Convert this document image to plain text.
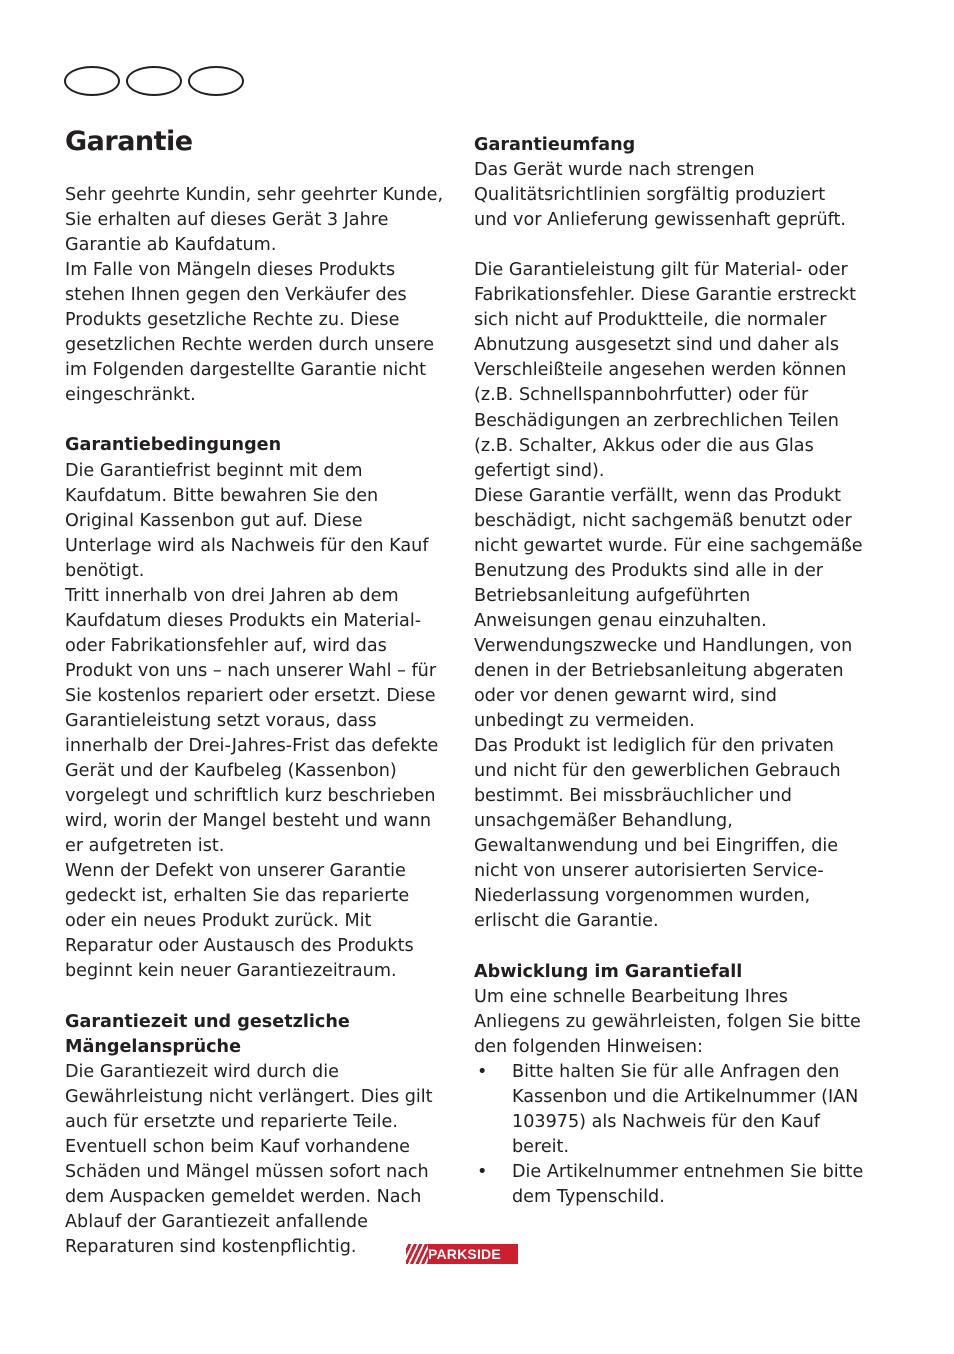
Garantie

Sehr geehrte Kundin, sehr geehrter Kunde, Sie erhalten auf dieses Gerät 3 Jahre Garantie ab Kaufdatum.

Im Falle von Mängeln dieses Produkts stehen Ihnen gegen den Verkäufer des Produkts gesetzliche Rechte zu. Diese gesetzlichen Rechte werden durch unsere im Folgenden dargestellte Garantie nicht eingeschränkt.

Garantiebedingungen

Die Garantiefrist beginnt mit dem Kaufdatum. Bitte bewahren Sie den Original Kassenbon gut auf. Diese Unterlage wird als Nachweis für den Kauf benötigt.

Tritt innerhalb von drei Jahren ab dem Kaufdatum dieses Produkts ein Material- oder Fabrikationsfehler auf, wird das Produkt von uns – nach unserer Wahl – für Sie kostenlos repariert oder ersetzt. Diese Garantieleistung setzt voraus, dass innerhalb der Drei-Jahres-Frist das defekte Gerät und der Kaufbeleg (Kassenbon) vorgelegt und schriftlich kurz beschrieben wird, worin der Mangel besteht und wann er aufgetreten ist.

Wenn der Defekt von unserer Garantie gedeckt ist, erhalten Sie das reparierte oder ein neues Produkt zurück. Mit Reparatur oder Austausch des Produkts beginnt kein neuer Garantiezeitraum.

Garantiezeit und gesetzliche Mängelansprüche

Die Garantiezeit wird durch die Gewährleistung nicht verlängert. Dies gilt auch für ersetzte und reparierte Teile. Eventuell schon beim Kauf vorhandene Schäden und Mängel müssen sofort nach dem Auspacken gemeldet werden. Nach Ablauf der Garantiezeit anfallende Reparaturen sind kostenpflichtig.

Garantieumfang

Das Gerät wurde nach strengen Qualitätsrichtlinien sorgfältig produziert und vor Anlieferung gewissenhaft geprüft.

Die Garantieleistung gilt für Material- oder Fabrikationsfehler. Diese Garantie erstreckt sich nicht auf Produktteile, die normaler Abnutzung ausgesetzt sind und daher als Verschleißteile angesehen werden können (z.B. Schnellspannbohrfutter) oder für Beschädigungen an zerbrechlichen Teilen (z.B. Schalter, Akkus oder die aus Glas gefertigt sind).

Diese Garantie verfällt, wenn das Produkt beschädigt, nicht sachgemäß benutzt oder nicht gewartet wurde. Für eine sachgemäße Benutzung des Produkts sind alle in der Betriebsanleitung aufgeführten Anweisungen genau einzuhalten. Verwendungszwecke und Handlungen, von denen in der Betriebsanleitung abgeraten oder vor denen gewarnt wird, sind unbedingt zu vermeiden.

Das Produkt ist lediglich für den privaten und nicht für den gewerblichen Gebrauch bestimmt. Bei missbräuchlicher und unsachgemäßer Behandlung, Gewaltanwendung und bei Eingriffen, die nicht von unserer autorisierten Service-Niederlassung vorgenommen wurden, erlischt die Garantie.

Abwicklung im Garantiefall

Um eine schnelle Bearbeitung Ihres Anliegens zu gewährleisten, folgen Sie bitte den folgenden Hinweisen:

•	Bitte halten Sie für alle Anfragen den Kassenbon und die Artikelnummer (IAN 103975) als Nachweis für den Kauf bereit.
•	Die Artikelnummer entnehmen Sie bitte dem Typenschild.
PARKSIDE
